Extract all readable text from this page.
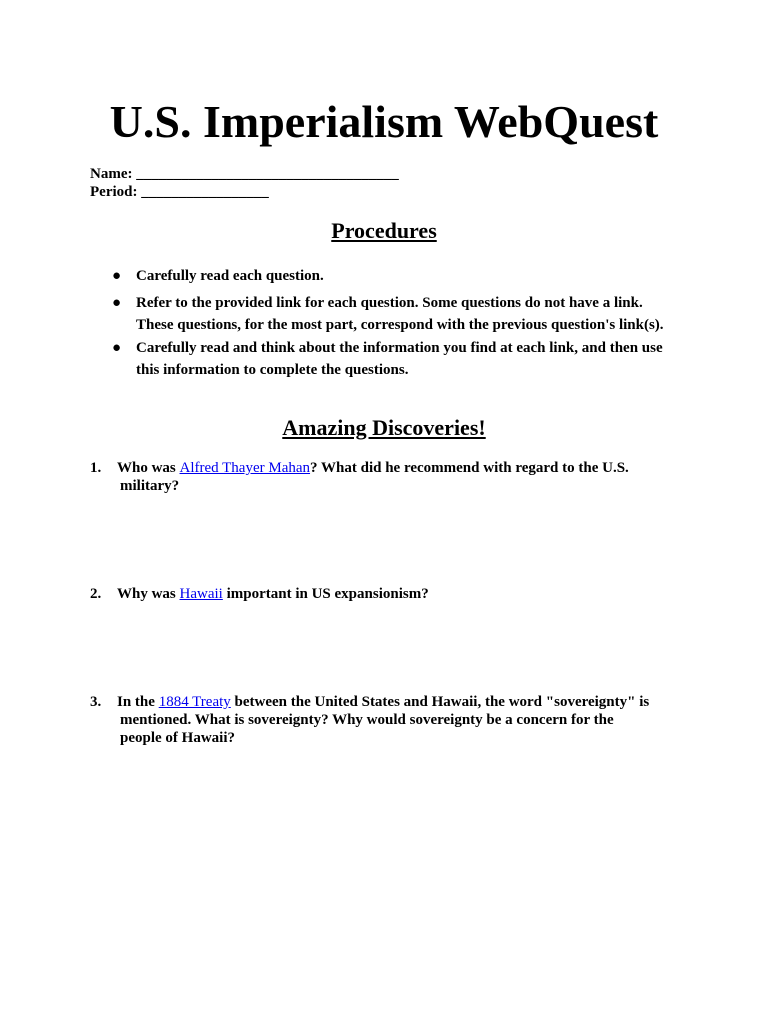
U.S. Imperialism WebQuest
Name: ___________________________________
Period: _________________
Procedures
● Carefully read each question.
● Refer to the provided link for each question. Some questions do not have a link. These questions, for the most part, correspond with the previous question's link(s).
● Carefully read and think about the information you find at each link, and then use this information to complete the questions.
Amazing Discoveries!
1.	Who was Alfred Thayer Mahan? What did he recommend with regard to the U.S.
military?
2.	Why was Hawaii important in US expansionism?
3.	In the 1884 Treaty between the United States and Hawaii, the word "sovereignty" is
mentioned. What is sovereignty? Why would sovereignty be a concern for the people of Hawaii?
